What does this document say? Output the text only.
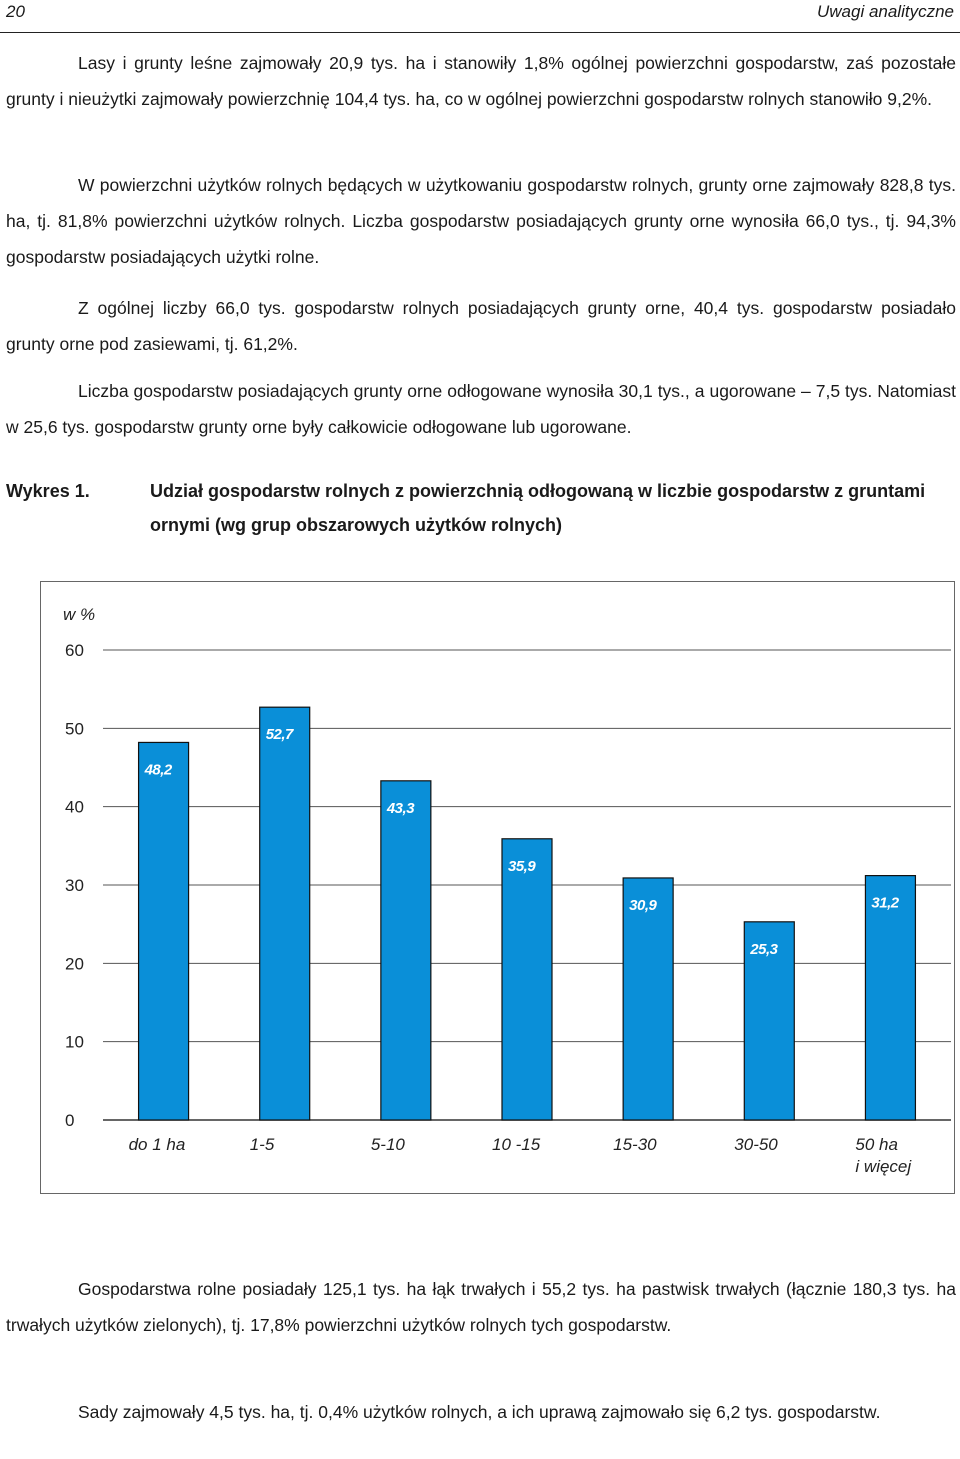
20	Uwagi analityczne

Lasy i grunty leśne zajmowały 20,9 tys. ha i stanowiły 1,8% ogólnej powierzchni gospodarstw, zaś pozostałe grunty i nieużytki zajmowały powierzchnię 104,4 tys. ha, co w ogólnej powierzchni gospodarstw rolnych stanowiło 9,2%.

W powierzchni użytków rolnych będących w użytkowaniu gospodarstw rolnych, grunty orne zajmowały 828,8 tys. ha, tj. 81,8% powierzchni użytków rolnych. Liczba gospodarstw posiadających grunty orne wynosiła 66,0 tys., tj. 94,3% gospodarstw posiadających użytki rolne.

Z ogólnej liczby 66,0 tys. gospodarstw rolnych posiadających grunty orne, 40,4 tys. gospodarstw posiadało grunty orne pod zasiewami, tj. 61,2%.

Liczba gospodarstw posiadających grunty orne odłogowane wynosiła 30,1 tys., a ugorowane – 7,5 tys. Natomiast w 25,6 tys. gospodarstw grunty orne były całkowicie odłogowane lub ugorowane.

Wykres 1.	Udział gospodarstw rolnych z powierzchnią odłogowaną w liczbie gospodarstw z gruntami ornymi (wg grup obszarowych użytków rolnych)
w %
0
10
20
30
40
50
60
48,2
do 1 ha
52,7
1-5
43,3
5-10
35,9
10 -15
30,9
15-30
25,3
30-50
31,2
50 ha
i więcej

Gospodarstwa rolne posiadały 125,1 tys. ha łąk trwałych i 55,2 tys. ha pastwisk trwałych (łącznie 180,3 tys. ha trwałych użytków zielonych), tj. 17,8% powierzchni użytków rolnych tych gospodarstw.

Sady zajmowały 4,5 tys. ha, tj. 0,4% użytków rolnych, a ich uprawą zajmowało się 6,2 tys. gospodarstw.
